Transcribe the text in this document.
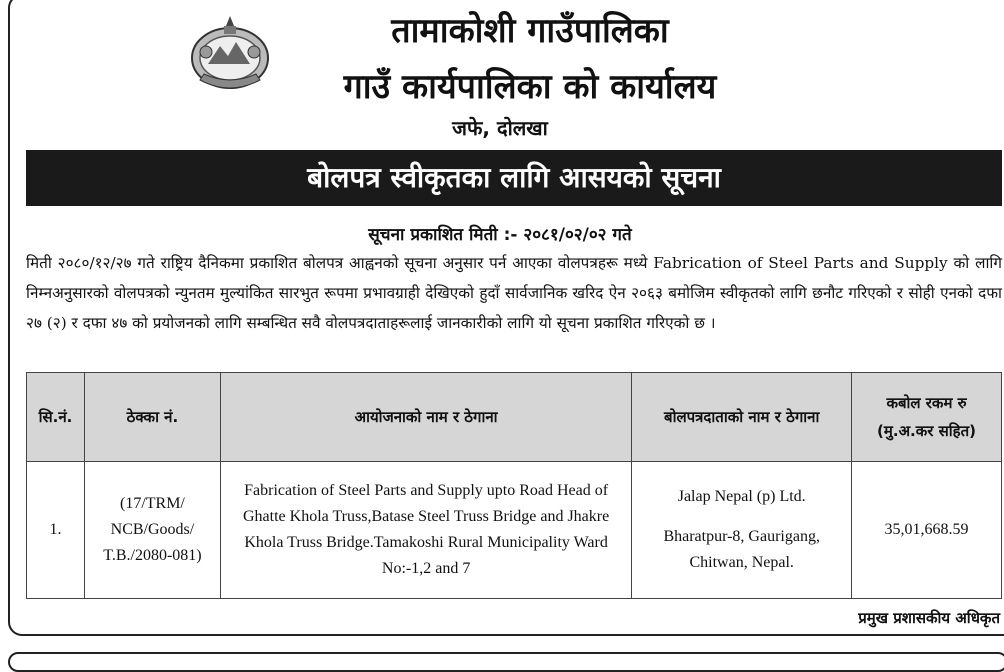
तामाकोशी गाउँपालिका
गाउँ कार्यपालिका को कार्यालय
जफे, दोलखा
बोलपत्र स्वीकृतका लागि आसयको सूचना
सूचना प्रकाशित मिती :- २०८१/०२/०२ गते
मिती २०८०/१२/२७ गते राष्ट्रिय दैनिकमा प्रकाशित बोलपत्र आह्वनको सूचना अनुसार पर्न आएका वोलपत्रहरू मध्ये Fabrication of Steel Parts and Supply को लागि निम्नअनुसारको वोलपत्रको न्युनतम मुल्यांकित सारभुत रूपमा प्रभावग्राही देखिएको हुदाँ सार्वजानिक खरिद ऐन २०६३ बमोजिम स्वीकृतको लागि छनौट गरिएको र सोही एनको दफा २७ (२) र दफा ४७ को प्रयोजनको लागि सम्बन्धित सवै वोलपत्रदाताहरूलाई जानकारीको लागि यो सूचना प्रकाशित गरिएको छ ।
सि.नं.	ठेक्का नं.	आयोजनाको नाम र ठेगाना	बोलपत्रदाताको नाम र ठेगाना	कबोल रकम रु
(मु.अ.कर सहित)

1.	(17/TRM/
NCB/Goods/
T.B./2080-081)	Fabrication of Steel Parts and Supply upto Road Head of Ghatte Khola Truss,Batase Steel Truss Bridge and Jhakre Khola Truss Bridge.Tamakoshi Rural Municipality Ward No:-1,2 and 7	Jalap Nepal (p) Ltd.
Bharatpur-8, Gaurigang,
Chitwan, Nepal.	35,01,668.59
प्रमुख प्रशासकीय अधिकृत
